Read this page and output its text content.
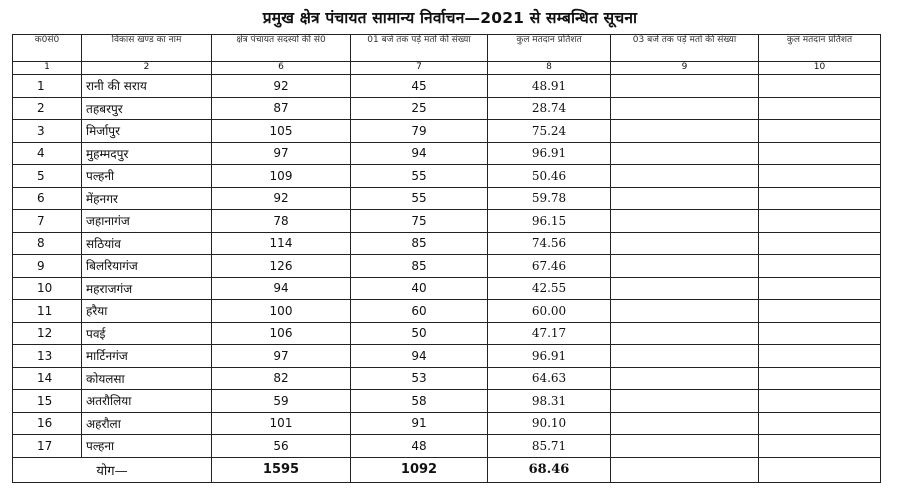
प्रमुख क्षेत्र पंचायत सामान्य निर्वाचन—2021 से सम्बन्धित सूचना
क0सं0	विकास खण्ड का नाम	क्षेत्र पंचायत सदस्यों की सं0	01 बजे तक पड़े मतों की संख्या	कुल मतदान प्रतिशत	03 बजे तक पड़े मतों की संख्या	कुल मतदान प्रतिशत
1	2	6	7	8	9	10
1	रानी की सराय	92	45	48.91		
2	तहबरपुर	87	25	28.74		
3	मिर्जापुर	105	79	75.24		
4	मुहम्मदपुर	97	94	96.91		
5	पल्हनी	109	55	50.46		
6	मेंहनगर	92	55	59.78		
7	जहानागंज	78	75	96.15		
8	सठियांव	114	85	74.56		
9	बिलरियागंज	126	85	67.46		
10	महराजगंज	94	40	42.55		
11	हरैया	100	60	60.00		
12	पवई	106	50	47.17		
13	मार्टिनगंज	97	94	96.91		
14	कोयलसा	82	53	64.63		
15	अतरौलिया	59	58	98.31		
16	अहरौला	101	91	90.10		
17	पल्हना	56	48	85.71		
योग—		1595	1092	68.46		
